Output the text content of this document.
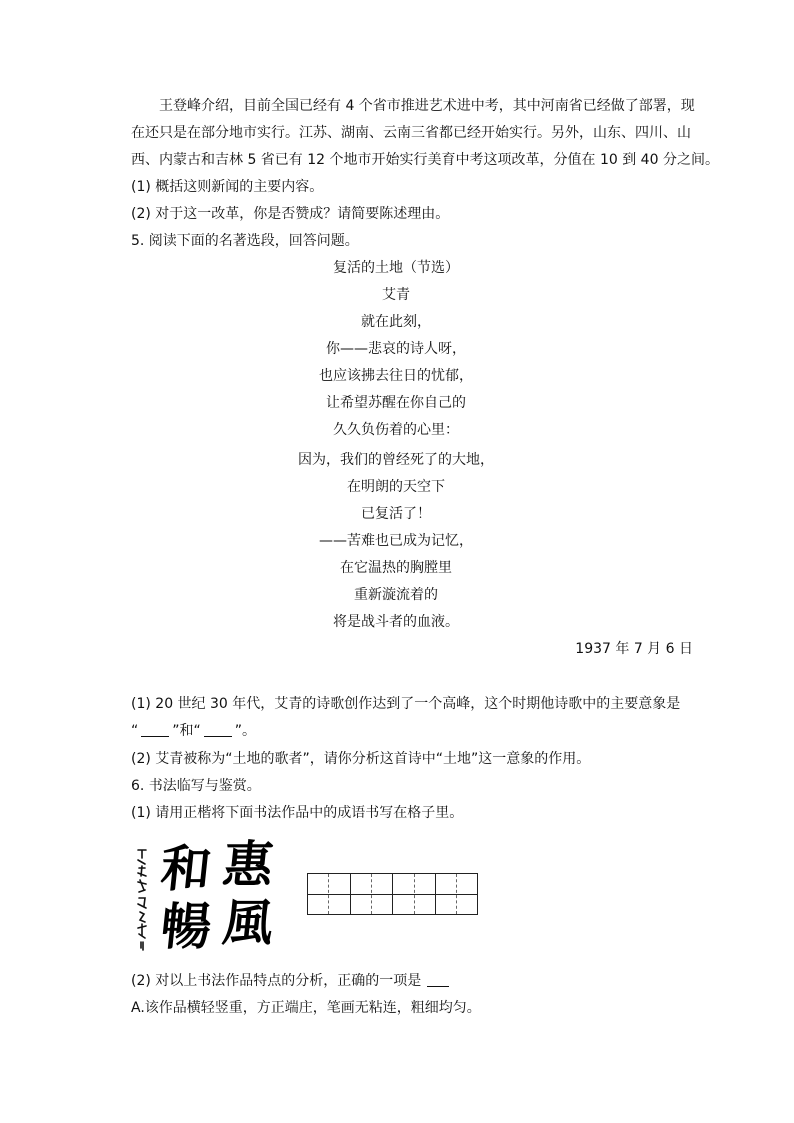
王登峰介绍，目前全国已经有 4 个省市推进艺术进中考，其中河南省已经做了部署，现
在还只是在部分地市实行。江苏、湖南、云南三省都已经开始实行。另外，山东、四川、山
西、内蒙古和吉林 5 省已有 12 个地市开始实行美育中考这项改革，分值在 10 到 40 分之间。
(1) 概括这则新闻的主要内容。
(2) 对于这一改革，你是否赞成？请简要陈述理由。
5. 阅读下面的名著选段，回答问题。
复活的土地（节选）
艾青
就在此刻，
你——悲哀的诗人呀，
也应该拂去往日的忧郁，
让希望苏醒在你自己的
久久负伤着的心里：
因为，我们的曾经死了的大地，
在明朗的天空下
已复活了！
——苦难也已成为记忆，
在它温热的胸膛里
重新漩流着的
将是战斗者的血液。
1937 年 7 月 6 日
(1) 20 世纪 30 年代，艾青的诗歌创作达到了一个高峰，这个时期他诗歌中的主要意象是
“ ”和“ ”。
(2) 艾青被称为“土地的歌者”，请你分析这首诗中“土地”这一意象的作用。
6. 书法临写与鉴赏。
(1) 请用正楷将下面书法作品中的成语书写在格子里。
惠
風
和
暢
(2) 对以上书法作品特点的分析，正确的一项是
A.该作品横轻竖重，方正端庄，笔画无粘连，粗细均匀。
